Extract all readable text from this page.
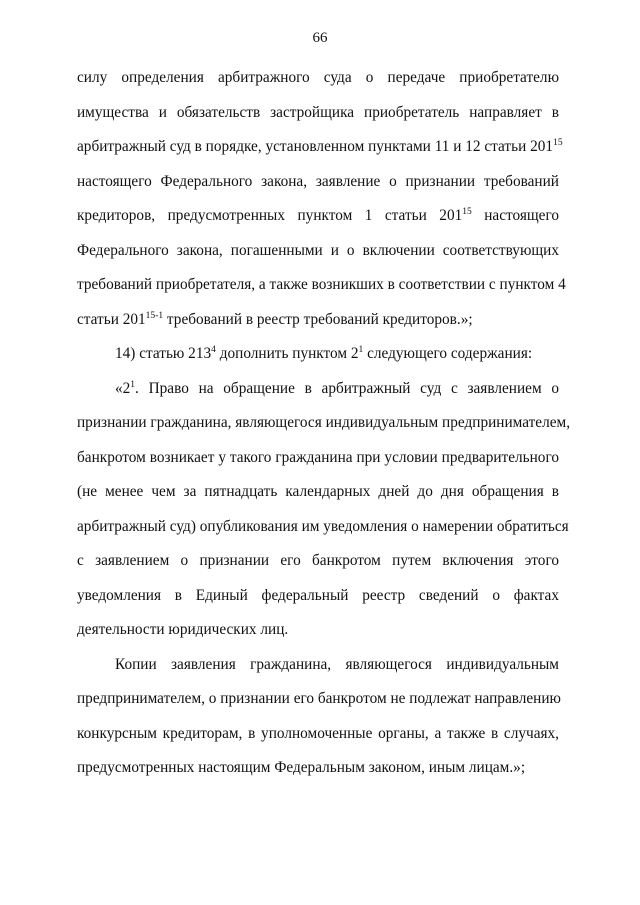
66
силу определения арбитражного суда о передаче приобретателю
имущества и обязательств застройщика приобретатель направляет в
арбитражный суд в порядке, установленном пунктами 11 и 12 статьи $201^{15}$
настоящего Федерального закона, заявление о признании требований
кредиторов, предусмотренных пунктом 1 статьи $201^{15}$ настоящего
Федерального закона, погашенными и о включении соответствующих
требований приобретателя, а также возникших в соответствии с пунктом 4
статьи 201$^{15-1}$ требований в реестр требований кредиторов.»;
14) статью $213^4$ дополнить пунктом $2^1$ следующего содержания:
«$2^1$. Право на обращение в арбитражный суд с заявлением о
признании гражданина, являющегося индивидуальным предпринимателем,
банкротом возникает у такого гражданина при условии предварительного
(не менее чем за пятнадцать календарных дней до дня обращения в
арбитражный суд) опубликования им уведомления о намерении обратиться
с заявлением о признании его банкротом путем включения этого
уведомления в Единый федеральный реестр сведений о фактах
деятельности юридических лиц.
Копии заявления гражданина, являющегося индивидуальным
предпринимателем, о признании его банкротом не подлежат направлению
конкурсным кредиторам, в уполномоченные органы, а также в случаях,
предусмотренных настоящим Федеральным законом, иным лицам.»;
